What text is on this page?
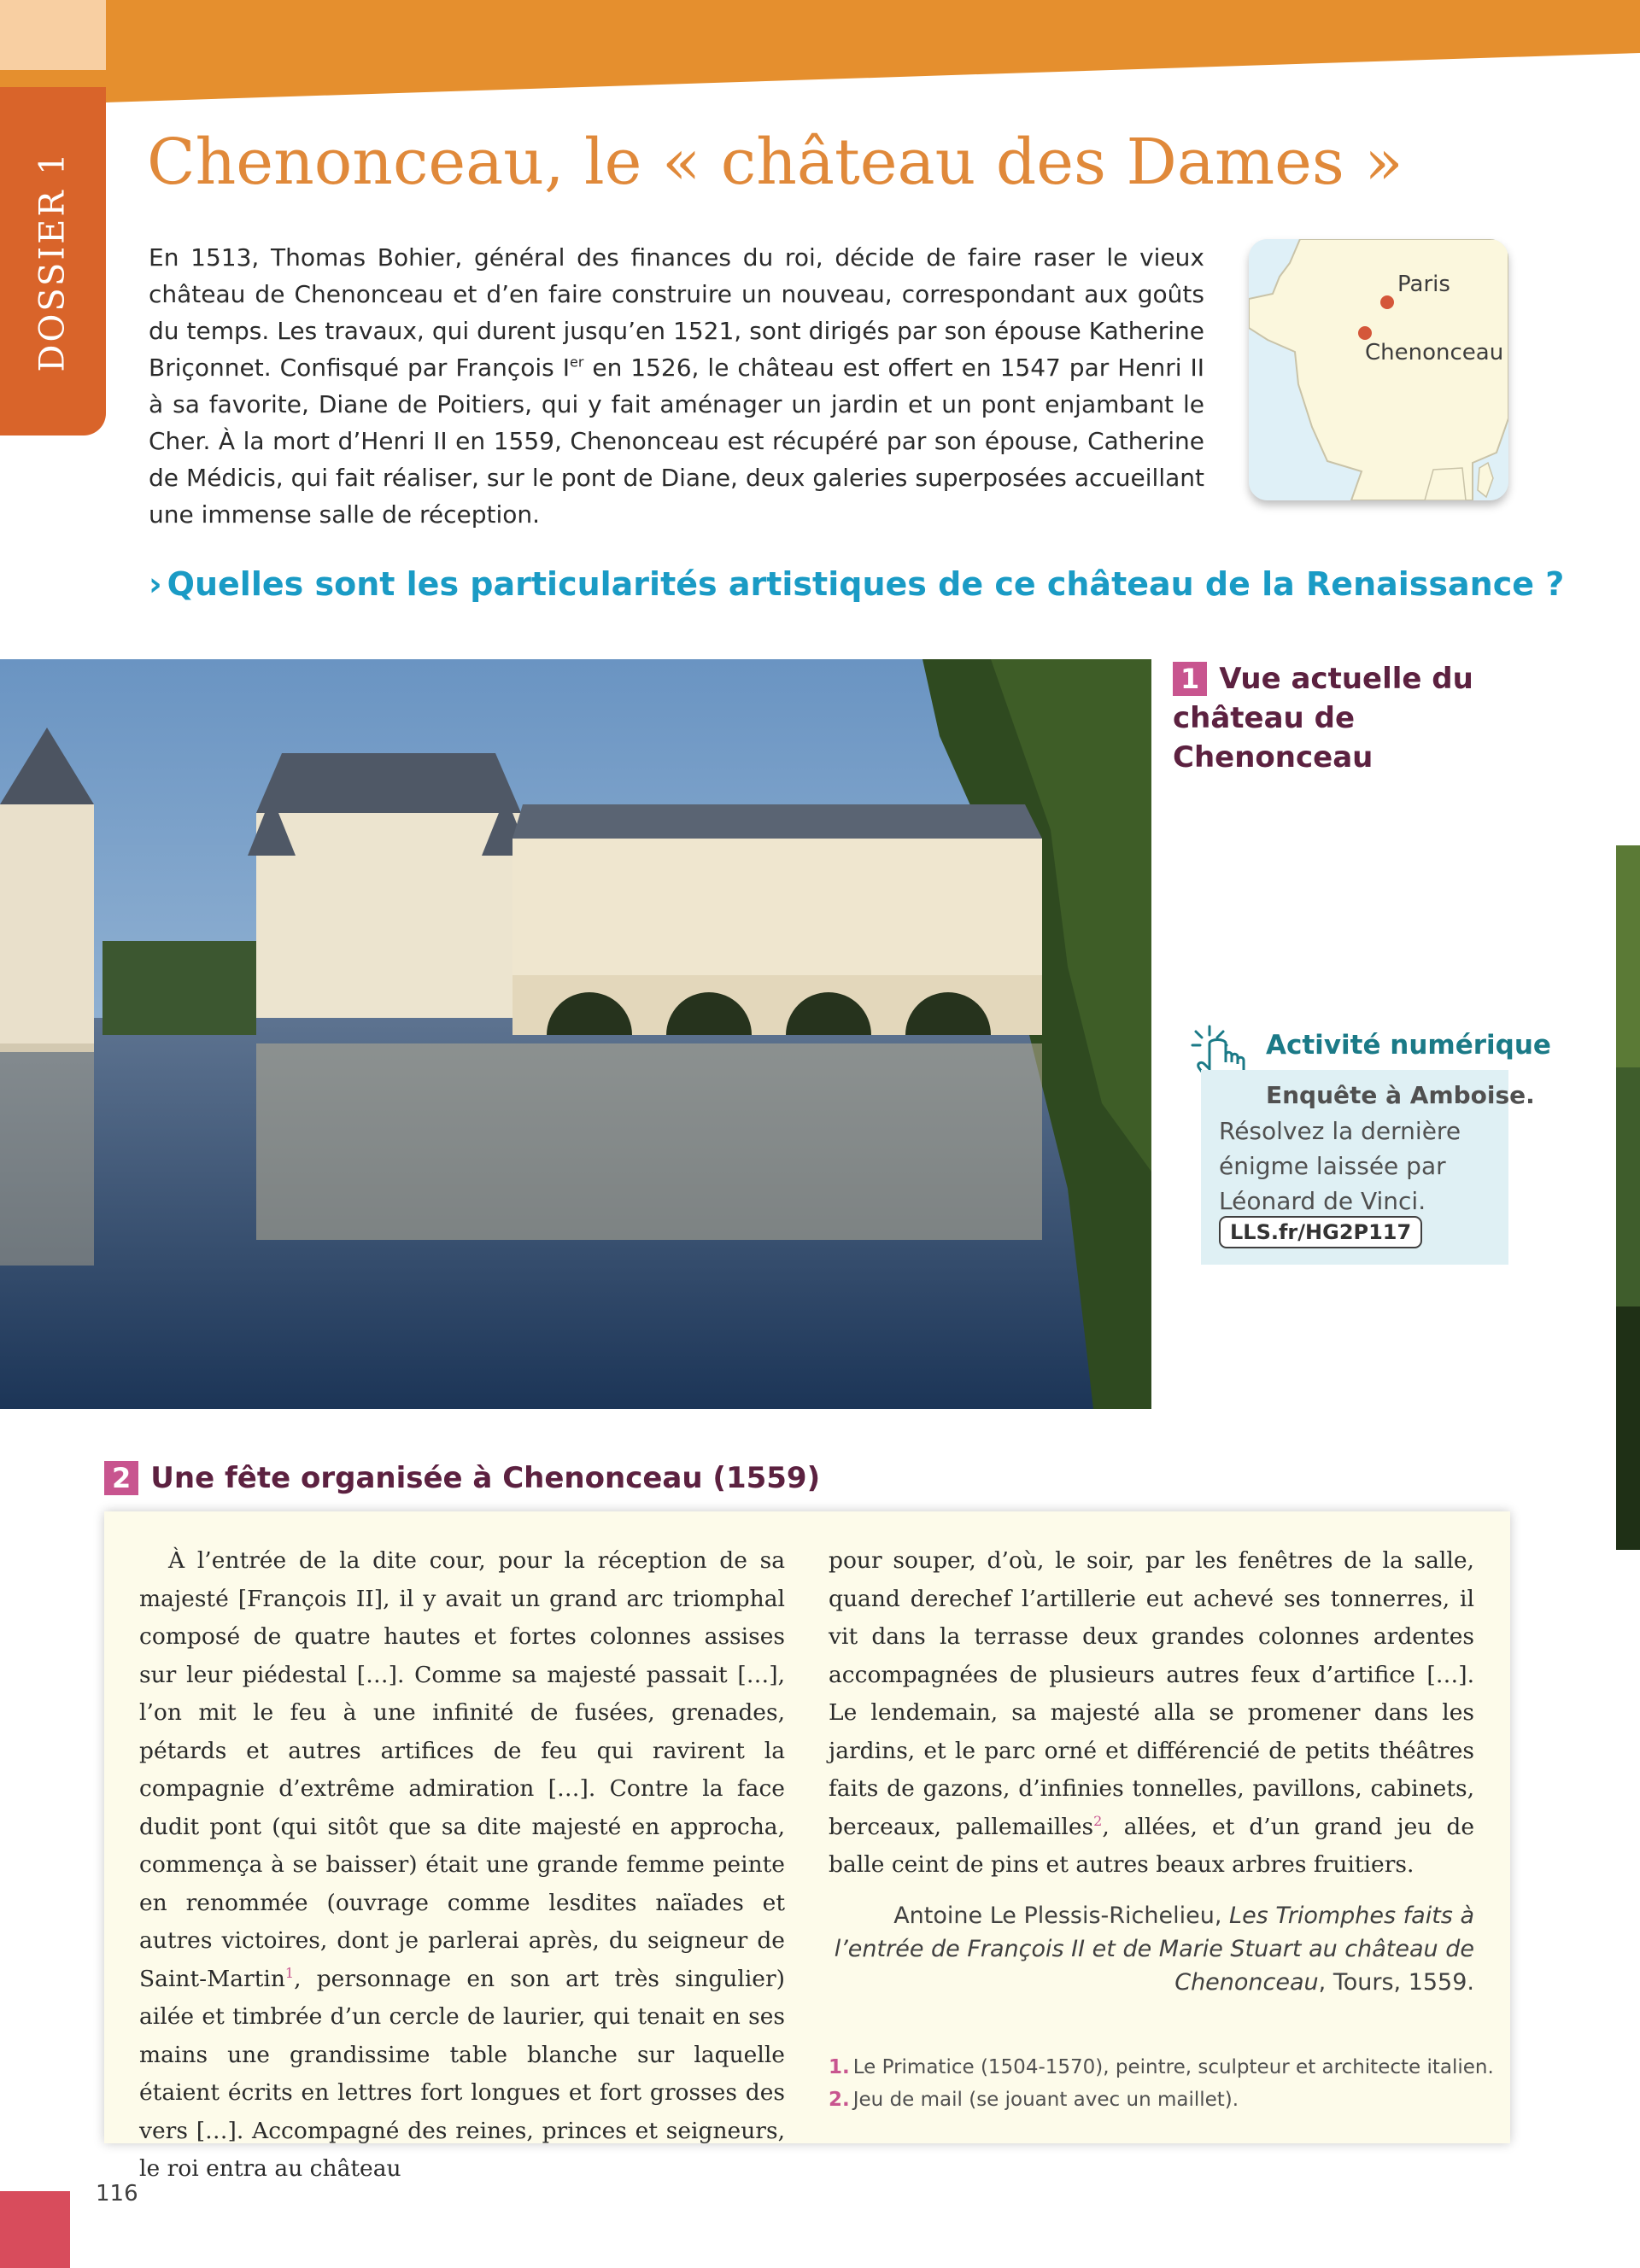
DOSSIER 1 Chenonceau, le « château des Dames »

En 1513, Thomas Bohier, général des finances du roi, décide de faire raser le vieux château de Chenonceau et d’en faire construire un nouveau, correspondant aux goûts du temps. Les travaux, qui durent jusqu’en 1521, sont dirigés par son épouse Katherine Briçonnet. Confisqué par François Ier en 1526, le château est offert en 1547 par Henri II à sa favorite, Diane de Poitiers, qui y fait aménager un jardin et un pont enjambant le Cher. À la mort d’Henri II en 1559, Chenonceau est récupéré par son épouse, Catherine de Médicis, qui fait réaliser, sur le pont de Diane, deux galeries superposées accueillant une immense salle de réception.

Paris
Chenonceau
› Quelles sont les particularités artistiques de ce château de la Renaissance ?
1 Vue actuelle du château de Chenonceau
Activité numérique
Enquête à Amboise.
Résolvez la dernière énigme laissée par Léonard de Vinci.
LLS.fr/HG2P117
2 Une fête organisée à Chenonceau (1559)
À l’entrée de la dite cour, pour la réception de sa majesté [François II], il y avait un grand arc triomphal composé de quatre hautes et fortes colonnes assises sur leur piédestal […]. Comme sa majesté passait […], l’on mit le feu à une infinité de fusées, grenades, pétards et autres artifices de feu qui ravirent la compagnie d’extrême admiration […]. Contre la face dudit pont (qui sitôt que sa dite majesté en approcha, commença à se baisser) était une grande femme peinte en renommée (ouvrage comme lesdites naïades et autres victoires, dont je parlerai après, du seigneur de Saint-Martin$^1$, personnage en son art très singulier) ailée et timbrée d’un cercle de laurier, qui tenait en ses mains une grandissime table blanche sur laquelle étaient écrits en lettres fort longues et fort grosses des vers […]. Accompagné des reines, princes et seigneurs, le roi entra au château
pour souper, d’où, le soir, par les fenêtres de la salle, quand derechef l’artillerie eut achevé ses tonnerres, il vit dans la terrasse deux grandes colonnes ardentes accompagnées de plusieurs autres feux d’artifice […]. Le lendemain, sa majesté alla se promener dans les jardins, et le parc orné et différencié de petits théâtres faits de gazons, d’infinies tonnelles, pavillons, cabinets, berceaux, pallemailles$^2$, allées, et d’un grand jeu de balle ceint de pins et autres beaux arbres fruitiers.
Antoine Le Plessis-Richelieu, Les Triomphes faits à l’entrée de François II et de Marie Stuart au château de Chenonceau, Tours, 1559.
1. Le Primatice (1504-1570), peintre, sculpteur et architecte italien.
2. Jeu de mail (se jouant avec un maillet).
116
